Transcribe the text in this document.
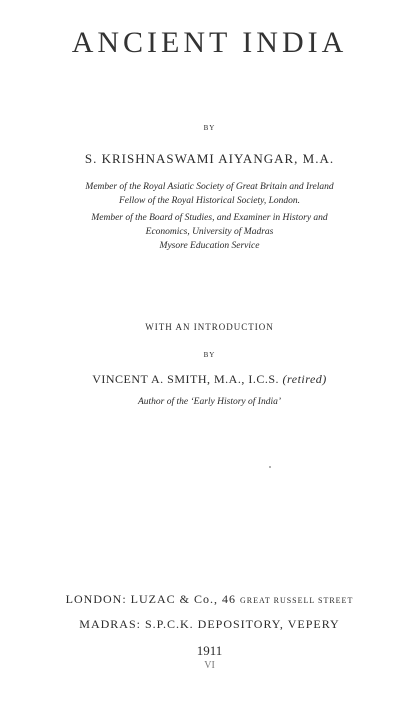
ANCIENT INDIA
BY
S. KRISHNASWAMI AIYANGAR, M.A.
Member of the Royal Asiatic Society of Great Britain and Ireland
Fellow of the Royal Historical Society, London.
Member of the Board of Studies, and Examiner in History and
Economics, University of Madras
Mysore Education Service
WITH AN INTRODUCTION
BY
VINCENT A. SMITH, M.A., I.C.S. (retired)
Author of the ‘Early History of India’
LONDON: LUZAC & Co., 46 GREAT RUSSELL STREET
MADRAS: S.P.C.K. DEPOSITORY, VEPERY
1911
VI
